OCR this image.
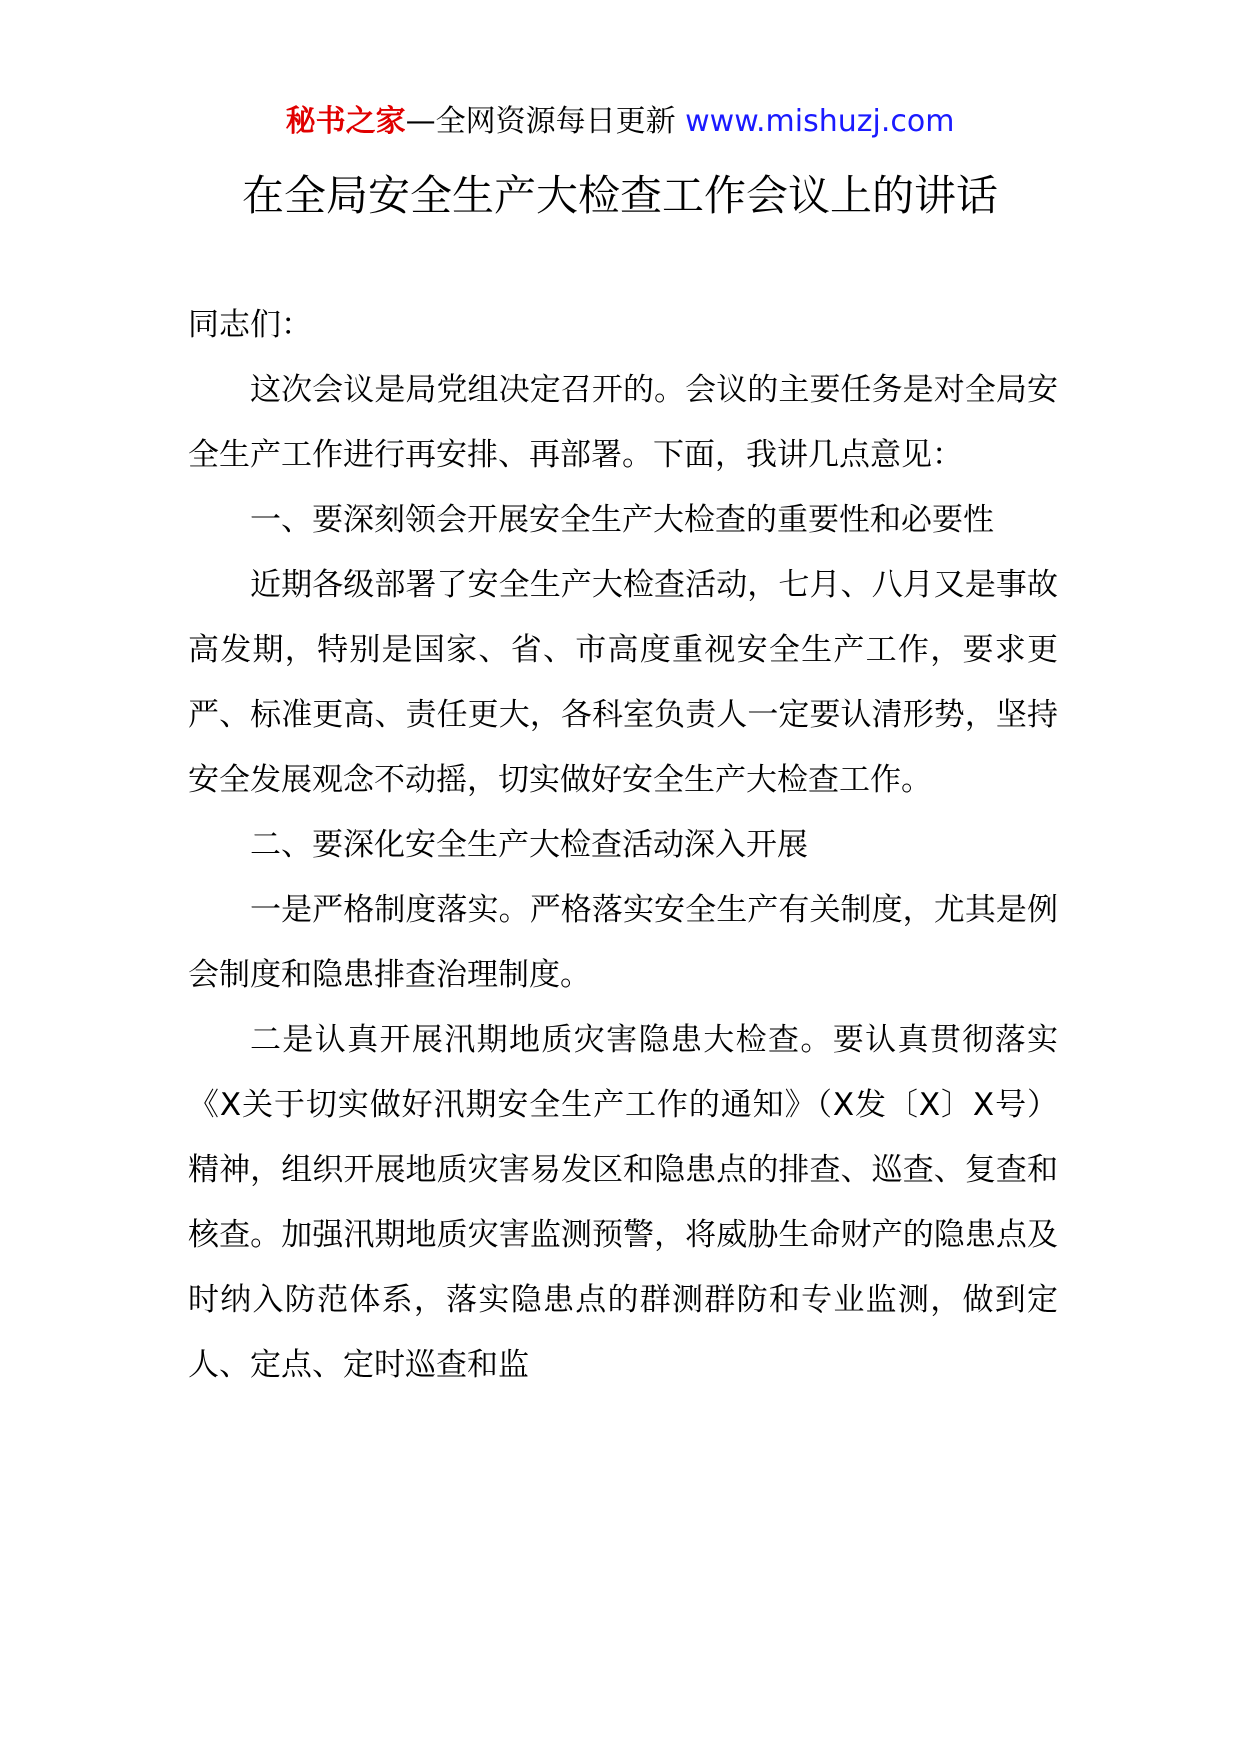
秘书之家—全网资源每日更新 www.mishuzj.com
在全局安全生产大检查工作会议上的讲话

同志们：

这次会议是局党组决定召开的。会议的主要任务是对全局安全生产工作进行再安排、再部署。下面，我讲几点意见：

一、要深刻领会开展安全生产大检查的重要性和必要性

近期各级部署了安全生产大检查活动，七月、八月又是事故高发期，特别是国家、省、市高度重视安全生产工作，要求更严、标准更高、责任更大，各科室负责人一定要认清形势，坚持安全发展观念不动摇，切实做好安全生产大检查工作。

二、要深化安全生产大检查活动深入开展

一是严格制度落实。严格落实安全生产有关制度，尤其是例会制度和隐患排查治理制度。

二是认真开展汛期地质灾害隐患大检查。要认真贯彻落实《X关于切实做好汛期安全生产工作的通知》（X发〔X〕X号）精神，组织开展地质灾害易发区和隐患点的排查、巡查、复查和核查。加强汛期地质灾害监测预警，将威胁生命财产的隐患点及时纳入防范体系，落实隐患点的群测群防和专业监测，做到定人、定点、定时巡查和监
